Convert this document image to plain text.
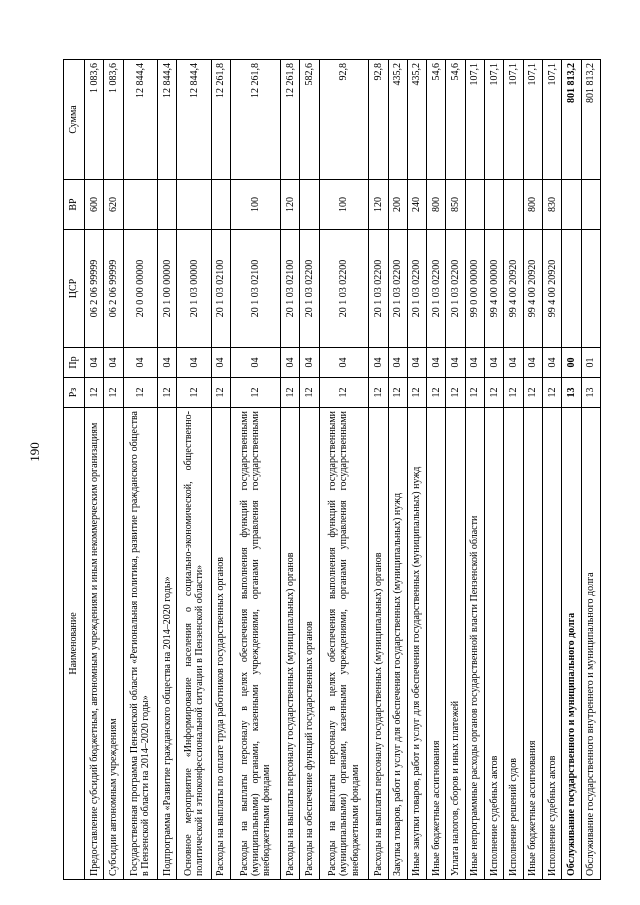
190
Наименование	Рз	Пр	ЦСР	ВР	Сумма
Предоставление субсидий бюджетным, автономным учреждениям и иным некоммерческим организациям	12	04	06 2 06 99999	600	1 083,6
Субсидии автономным учреждениям	12	04	06 2 06 99999	620	1 083,6
Государственная программа Пензенской области «Региональная политика, развитие гражданского общества в Пензенской области на 2014–2020 годы»	12	04	20 0 00 00000		12 844,4
Подпрограмма «Развитие гражданского общества на 2014–2020 годы»	12	04	20 1 00 00000		12 844,4
Основное мероприятие «Информирование населения о социально-экономической, общественно-политической и этноконфессиональной ситуации в Пензенской области»	12	04	20 1 03 00000		12 844,4
Расходы на выплаты по оплате труда работников государственных органов	12	04	20 1 03 02100		12 261,8
Расходы на выплаты персоналу в целях обеспечения выполнения функций государственными (муниципальными) органами, казенными учреждениями, органами управления государственными внебюджетными фондами	12	04	20 1 03 02100	100	12 261,8
Расходы на выплаты персоналу государственных (муниципальных) органов	12	04	20 1 03 02100	120	12 261,8
Расходы на обеспечение функций государственных органов	12	04	20 1 03 02200		582,6
Расходы на выплаты персоналу в целях обеспечения выполнения функций государственными (муниципальными) органами, казенными учреждениями, органами управления государственными внебюджетными фондами	12	04	20 1 03 02200	100	92,8
Расходы на выплаты персоналу государственных (муниципальных) органов	12	04	20 1 03 02200	120	92,8
Закупка товаров, работ и услуг для обеспечения государственных (муниципальных) нужд	12	04	20 1 03 02200	200	435,2
Иные закупки товаров, работ и услуг для обеспечения государственных (муниципальных) нужд	12	04	20 1 03 02200	240	435,2
Иные бюджетные ассигнования	12	04	20 1 03 02200	800	54,6
Уплата налогов, сборов и иных платежей	12	04	20 1 03 02200	850	54,6
Иные непрограммные расходы органов государственной власти Пензенской области	12	04	99 0 00 00000		107,1
Исполнение судебных актов	12	04	99 4 00 00000		107,1
Исполнение решений судов	12	04	99 4 00 20920		107,1
Иные бюджетные ассигнования	12	04	99 4 00 20920	800	107,1
Исполнение судебных актов	12	04	99 4 00 20920	830	107,1
Обслуживание государственного и муниципального долга	13	00			801 813,2
Обслуживание государственного внутреннего и муниципального долга	13	01			801 813,2
